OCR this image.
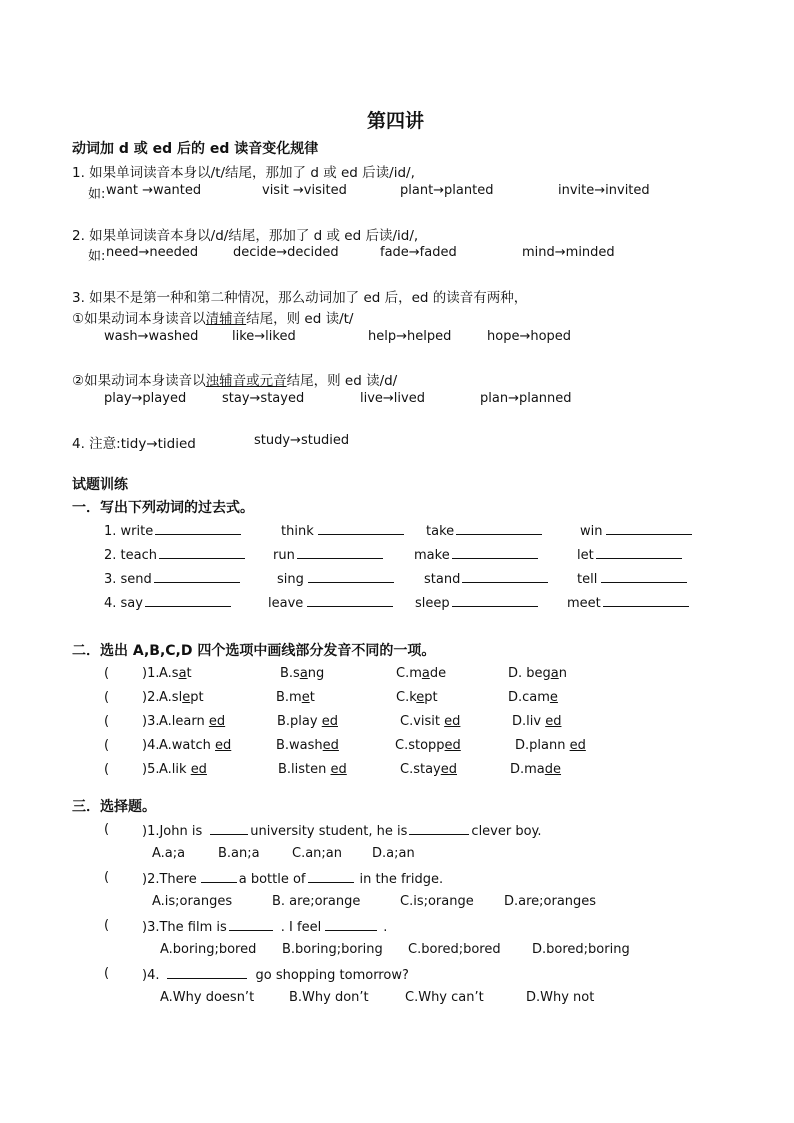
第四讲
动词加 d 或 ed 后的 ed 读音变化规律
1. 如果单词读音本身以/t/结尾，那加了 d 或 ed 后读/id/,
如: want →wanted	visit →visited	plant→planted	invite→invited
2. 如果单词读音本身以/d/结尾，那加了 d 或 ed 后读/id/,
如: need→needed	decide→decided	fade→faded	mind→minded
3. 如果不是第一种和第二种情况，那么动词加了 ed 后，ed 的读音有两种，
①如果动词本身读音以清辅音结尾，则 ed 读/t/
wash→washed	like→liked	help→helped	hope→hoped
②如果动词本身读音以浊辅音或元音结尾，则 ed 读/d/
play→played	stay→stayed	live→lived	plan→planned
4. 注意:tidy→tidied	study→studied
试题训练
一．写出下列动词的过去式。
1. write	think	take	win
2. teach	run	make	let
3. send	sing	stand	tell
4. say	leave	sleep	meet
二．选出 A,B,C,D 四个选项中画线部分发音不同的一项。
(	)1. A.sat	B.sang	C.made	D. began
(	)2. A.slept	B.met	C.kept	D.came
(	)3. A.learn ed	B.play ed	C.visit ed	D.liv ed
(	)4. A.watch ed	B.washed	C.stopped	D.plann ed
(	)5. A.lik ed	B.listen ed	C.stayed	D.made
三．选择题。
(	)1.John is	university student, he is	clever boy.
A.a;a	B.an;a C.an;an D.a;an
(	)2.There	a bottle of	in the fridge.
A.is;oranges	B. are;orange	C.is;orange D.are;oranges
(	)3.The film is	. I feel	.
A.boring;bored B.boring;boring C.bored;bored D.bored;boring
(	)4.	go shopping tomorrow?
A.Why doesn’t	B.Why don’t	C.Why can’t	D.Why not
